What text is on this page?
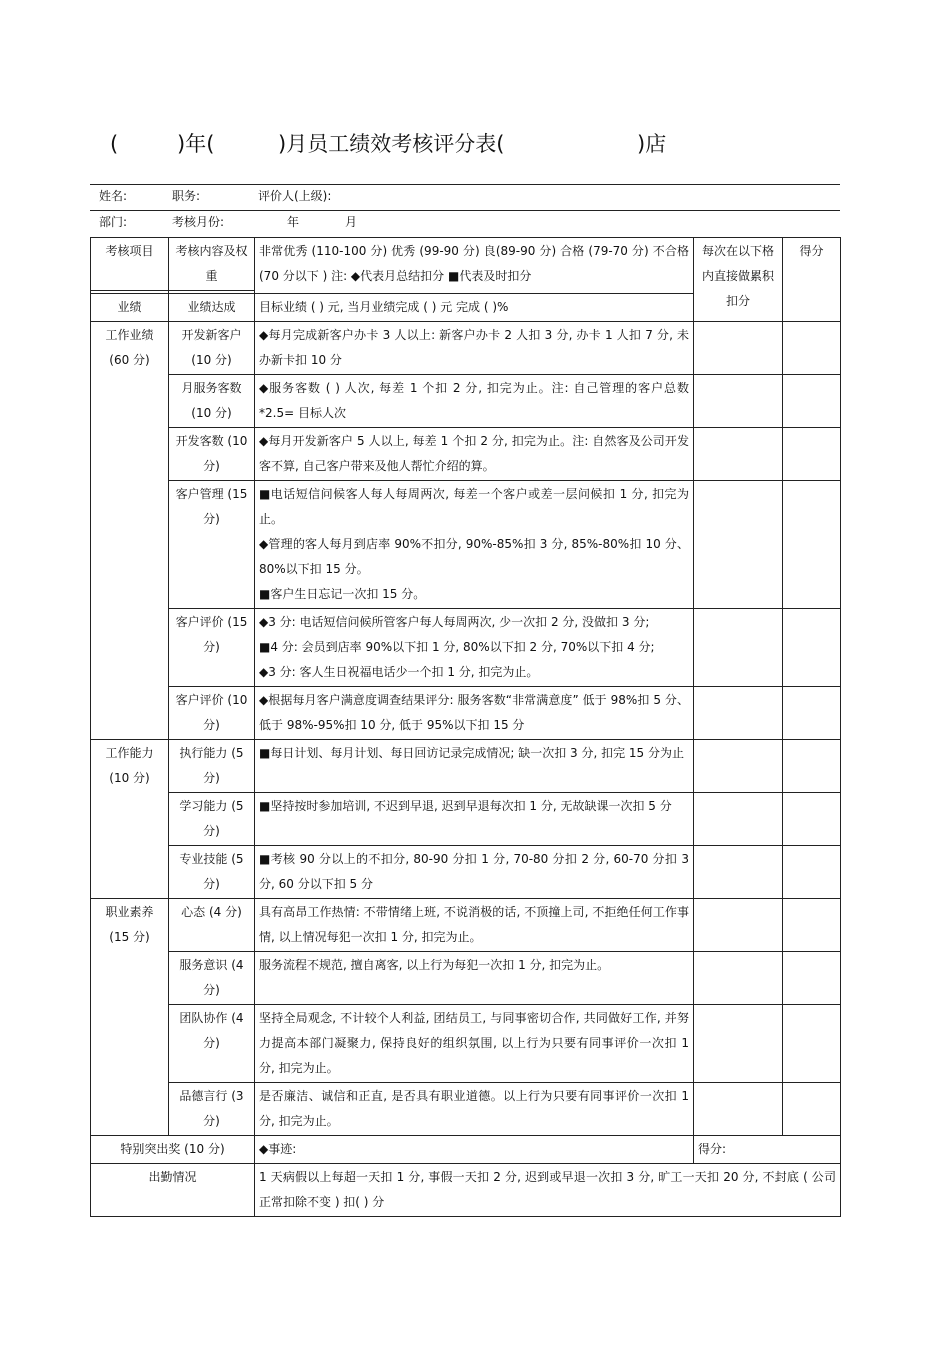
(	)年(	)月员工绩效考核评分表(	)店
姓名:	职务:	评价人(上级):
部门:	考核月份:	年	月
考核项目	考核内容及权重	非常优秀 (110-100 分) 优秀 (99-90 分) 良(89-90 分) 合格 (79-70 分) 不合格 (70 分以下 ) 注: ◆代表月总结扣分 ■代表及时扣分	每次在以下格内直接做累积扣分	得分

业绩	业绩达成	目标业绩 ( ) 元, 当月业绩完成 ( ) 元 完成 ( )%		

工作业绩
(60 分)	开发新客户(10 分)	◆每月完成新客户办卡 3 人以上: 新客户办卡 2 人扣 3 分, 办卡 1 人扣 7 分, 未办新卡扣 10 分		
	月服务客数(10 分)	◆服务客数 ( ) 人次, 每差 1 个扣 2 分, 扣完为止。注: 自己管理的客户总数 *2.5= 目标人次		
	开发客数 (10 分)	◆每月开发新客户 5 人以上, 每差 1 个扣 2 分, 扣完为止。注: 自然客及公司开发客不算, 自己客户带来及他人帮忙介绍的算。		
	客户管理 (15 分)	■电话短信问候客人每人每周两次, 每差一个客户或差一层问候扣 1 分, 扣完为止。
◆管理的客人每月到店率 90%不扣分, 90%-85%扣 3 分, 85%-80%扣 10 分、80%以下扣 15 分。
■客户生日忘记一次扣 15 分。		

	客户评价 (15 分)	◆3 分: 电话短信问候所管客户每人每周两次, 少一次扣 2 分, 没做扣 3 分;
■4 分: 会员到店率 90%以下扣 1 分, 80%以下扣 2 分, 70%以下扣 4 分;
◆3 分: 客人生日祝福电话少一个扣 1 分, 扣完为止。		

	客户评价 (10 分)	◆根据每月客户满意度调查结果评分: 服务客数“非常满意度” 低于 98%扣 5 分、低于 98%-95%扣 10 分, 低于 95%以下扣 15 分		

工作能力
(10 分)	执行能力 (5 分)	■每日计划、每月计划、每日回访记录完成情况; 缺一次扣 3 分, 扣完 15 分为止		
	学习能力 (5 分)	■坚持按时参加培训, 不迟到早退, 迟到早退每次扣 1 分, 无故缺课一次扣 5 分		
	专业技能 (5 分)	■考核 90 分以上的不扣分, 80-90 分扣 1 分, 70-80 分扣 2 分, 60-70 分扣 3 分, 60 分以下扣 5 分		

职业素养
(15 分)	心态 (4 分)	具有高昂工作热情: 不带情绪上班, 不说消极的话, 不顶撞上司, 不拒绝任何工作事情, 以上情况每犯一次扣 1 分, 扣完为止。		
	服务意识 (4 分)	服务流程不规范, 擅自离客, 以上行为每犯一次扣 1 分, 扣完为止。		
	团队协作 (4 分)	坚持全局观念, 不计较个人利益, 团结员工, 与同事密切合作, 共同做好工作, 并努力提高本部门凝聚力, 保持良好的组织氛围, 以上行为只要有同事评价一次扣 1 分, 扣完为止。		
	品德言行 (3 分)	是否廉洁、诚信和正直, 是否具有职业道德。以上行为只要有同事评价一次扣 1 分, 扣完为止。		
特别突出奖 (10 分)		◆事迹:	得分:	
出勤情况		1 天病假以上每超一天扣 1 分, 事假一天扣 2 分, 迟到或早退一次扣 3 分, 旷工一天扣 20 分, 不封底 ( 公司正常扣除不变 ) 扣( ) 分		
